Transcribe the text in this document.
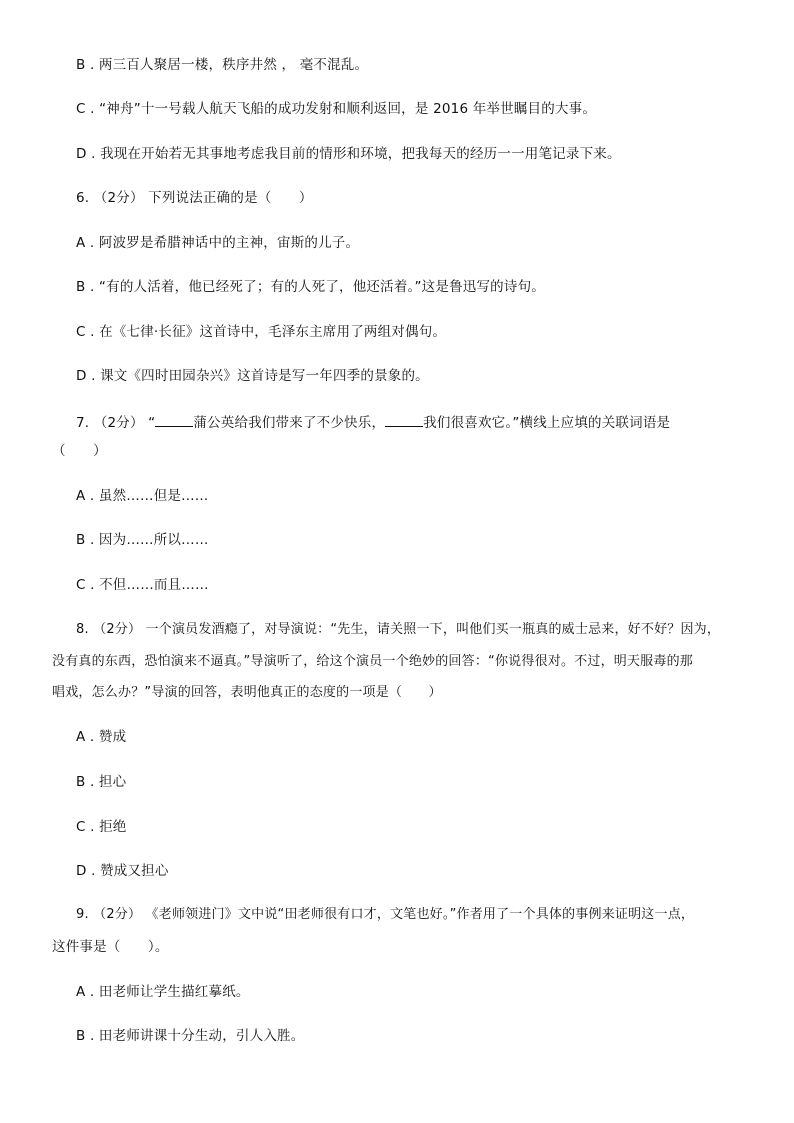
B . 两三百人聚居一楼，秩序井然 ， 毫不混乱。
C . “神舟”十一号载人航天飞船的成功发射和顺利返回，是 2016 年举世瞩目的大事。
D . 我现在开始若无其事地考虑我目前的情形和环境，把我每天的经历一一用笔记录下来。
6. （2分） 下列说法正确的是（　　）
A . 阿波罗是希腊神话中的主神，宙斯的儿子。
B . “有的人活着，他已经死了；有的人死了，他还活着。”这是鲁迅写的诗句。
C . 在《七律·长征》这首诗中，毛泽东主席用了两组对偶句。
D . 课文《四时田园杂兴》这首诗是写一年四季的景象的。
7. （2分） “	蒲公英给我们带来了不少快乐，	我们很喜欢它。”横线上应填的关联词语是
（　　）
A . 虽然……但是……
B . 因为……所以……
C . 不但……而且……
8. （2分） 一个演员发酒瘾了，对导演说：“先生，请关照一下，叫他们买一瓶真的威士忌来，好不好？因为，
没有真的东西，恐怕演来不逼真。”导演听了，给这个演员一个绝妙的回答：“你说得很对。不过，明天服毒的那
唱戏，怎么办？”导演的回答，表明他真正的态度的一项是（　　）
A . 赞成
B . 担心
C . 拒绝
D . 赞成又担心
9. （2分） 《老师领进门》文中说“田老师很有口才，文笔也好。”作者用了一个具体的事例来证明这一点，
这件事是（　　）。
A . 田老师让学生描红摹纸。
B . 田老师讲课十分生动，引人入胜。
